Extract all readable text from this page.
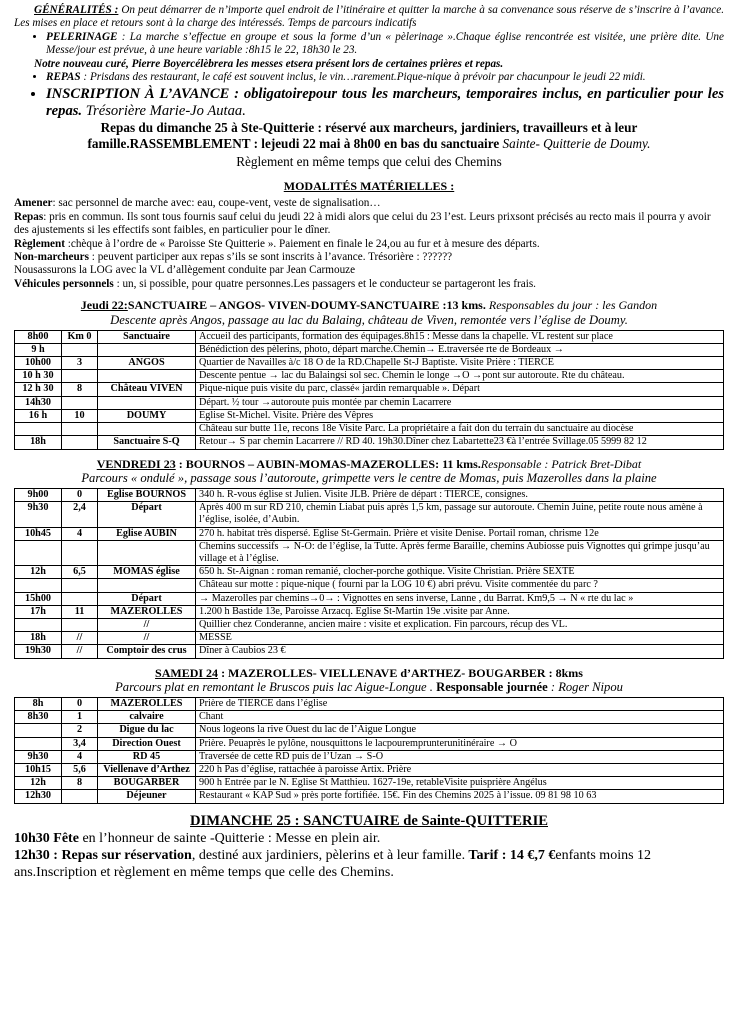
GÉNÉRALITÉS : On peut démarrer de n’importe quel endroit de l’itinéraire et quitter la marche à sa convenance sous réserve de s’inscrire à l’avance. Les mises en place et retours sont à la charge des intéressés. Temps de parcours indicatifs

• PELERINAGE : La marche s’effectue en groupe et sous la forme d’un « pèlerinage ».Chaque église rencontrée est visitée, une prière dite. Une Messe/jour est prévue, à une heure variable :8h15 le 22, 18h30 le 23.

Notre nouveau curé, Pierre Boyercélèbrera les messes etsera présent lors de certaines prières et repas.

• REPAS : Prisdans des restaurant, le café est souvent inclus, le vin…rarement.Pique-nique à prévoir par chacunpour le jeudi 22 midi.
• INSCRIPTION À L’AVANCE : obligatoirepour tous les marcheurs, temporaires inclus, en particulier pour les repas. Trésorière Marie-Jo Autaa.

Repas du dimanche 25 à Ste-Quitterie : réservé aux marcheurs, jardiniers, travailleurs et à leur famille.RASSEMBLEMENT : lejeudi 22 mai à 8h00 en bas du sanctuaire Sainte- Quitterie de Doumy.

Règlement en même temps que celui des Chemins

MODALITÉS MATÉRIELLES :

Amener: sac personnel de marche avec: eau, coupe-vent, veste de signalisation…

Repas: pris en commun. Ils sont tous fournis sauf celui du jeudi 22 à midi alors que celui du 23 l’est. Leurs prixsont précisés au recto mais il pourra y avoir des ajustements si les effectifs sont faibles, en particulier pour le dîner.

Règlement :chèque à l’ordre de « Paroisse Ste Quitterie ». Paiement en finale le 24,ou au fur et à mesure des départs.

Non-marcheurs : peuvent participer aux repas s’ils se sont inscrits à l’avance. Trésorière : ??????

Nousassurons la LOG avec la VL d’allègement conduite par Jean Carmouze

Véhicules personnels : un, si possible, pour quatre personnes.Les passagers et le conducteur se partageront les frais.

Jeudi 22:SANCTUAIRE – ANGOS- VIVEN-DOUMY-SANCTUAIRE :13 kms. Responsables du jour : les Gandon

Descente après Angos, passage au lac du Balaing, château de Viven, remontée vers l’église de Doumy.

8h00	Km 0	Sanctuaire	Accueil des participants, formation des équipages.8h15 : Messe dans la chapelle. VL restent sur place
9 h			Bénédiction des pèlerins, photo, départ marche.Chemin→ E.traversée rte de Bordeaux →
10h00	3	ANGOS	Quartier de Navailles à/c 18 O de la RD.Chapelle St-J Baptiste. Visite Prière : TIERCE
10 h 30			Descente pentue → lac du Balaingsi sol sec. Chemin le longe →O →pont sur autoroute. Rte du château.
12 h 30	8	Château VIVEN	Pique-nique puis visite du parc, classé« jardin remarquable ». Départ
14h30			Départ. ½ tour →autoroute puis montée par chemin Lacarrere
16 h	10	DOUMY	Eglise St-Michel. Visite. Prière des Vêpres
			Château sur butte 11e, recons 18e Visite Parc. La propriétaire a fait don du terrain du sanctuaire au diocèse
18h		Sanctuaire S-Q	Retour→ S par chemin Lacarrere // RD 40. 19h30.Dîner chez Labartette23 €à l’entrée Svillage.05 5999 82 12

VENDREDI 23 : BOURNOS – AUBIN-MOMAS-MAZEROLLES: 11 kms.Responsable : Patrick Bret-Dibat

Parcours « ondulé », passage sous l’autoroute, grimpette vers le centre de Momas, puis Mazerolles dans la plaine

9h00	0	Eglise BOURNOS	340 h. R-vous église st Julien. Visite JLB. Prière de départ : TIERCE, consignes.
9h30	2,4	Départ	Après 400 m sur RD 210, chemin Liabat puis après 1,5 km, passage sur autoroute. Chemin Juine, petite route nous amène à l’église, isolée, d’Aubin.
10h45	4	Eglise AUBIN	270 h. habitat très dispersé. Eglise St-Germain. Prière et visite Denise. Portail roman, chrisme 12e
			Chemins successifs → N-O: de l’église, la Tutte. Après ferme Baraille, chemins Aubiosse puis Vignottes qui grimpe jusqu’au village et à l’église.
12h	6,5	MOMAS église	650 h. St-Aignan : roman remanié, clocher-porche gothique. Visite Christian. Prière SEXTE
			Château sur motte : pique-nique ( fourni par la LOG 10 €) abri prévu. Visite commentée du parc ?
15h00		Départ	→ Mazerolles par chemins→0→ : Vignottes en sens inverse, Lanne , du Barrat. Km9,5 → N « rte du lac »
17h	11	MAZEROLLES	1.200 h Bastide 13e, Paroisse Arzacq. Eglise St-Martin 19e .visite par Anne.
		//	Quillier chez Conderanne, ancien maire : visite et explication. Fin parcours, récup des VL.
18h	//	//	MESSE
19h30	//	Comptoir des crus	Dîner à Caubios 23 €

SAMEDI 24 : MAZEROLLES- VIELLENAVE d’ARTHEZ- BOUGARBER : 8kms

Parcours plat en remontant le Bruscos puis lac Aigue-Longue . Responsable journée : Roger Nipou

8h	0	MAZEROLLES	Prière de TIERCE dans l’église
8h30	1	calvaire	Chant
	2	Digue du lac	Nous logeons la rive Ouest du lac de l’Aigue Longue
	3,4	Direction Ouest	Prière. Peuaprès le pylône, nousquittons le lacpouremprunterunitinéraire → O
9h30	4	RD 45	Traversée de cette RD puis de l’Uzan → S-O
10h15	5,6	Viellenave d’Arthez	220 h Pas d’église, rattachée à paroisse Artix. Prière
12h	8	BOUGARBER	900 h Entrée par le N. Eglise St Matthieu. 1627-19e, retableVisite puisprière Angélus
12h30		Déjeuner	Restaurant « KAP Sud » près porte fortifiée. 15€. Fin des Chemins 2025 à l’issue. 09 81 98 10 63

DIMANCHE 25 : SANCTUAIRE de Sainte-QUITTERIE

10h30 Fête en l’honneur de sainte -Quitterie : Messe en plein air.

12h30 : Repas sur réservation, destiné aux jardiniers, pèlerins et à leur famille. Tarif : 14 €,7 €enfants moins 12 ans.Inscription et règlement en même temps que celle des Chemins.
